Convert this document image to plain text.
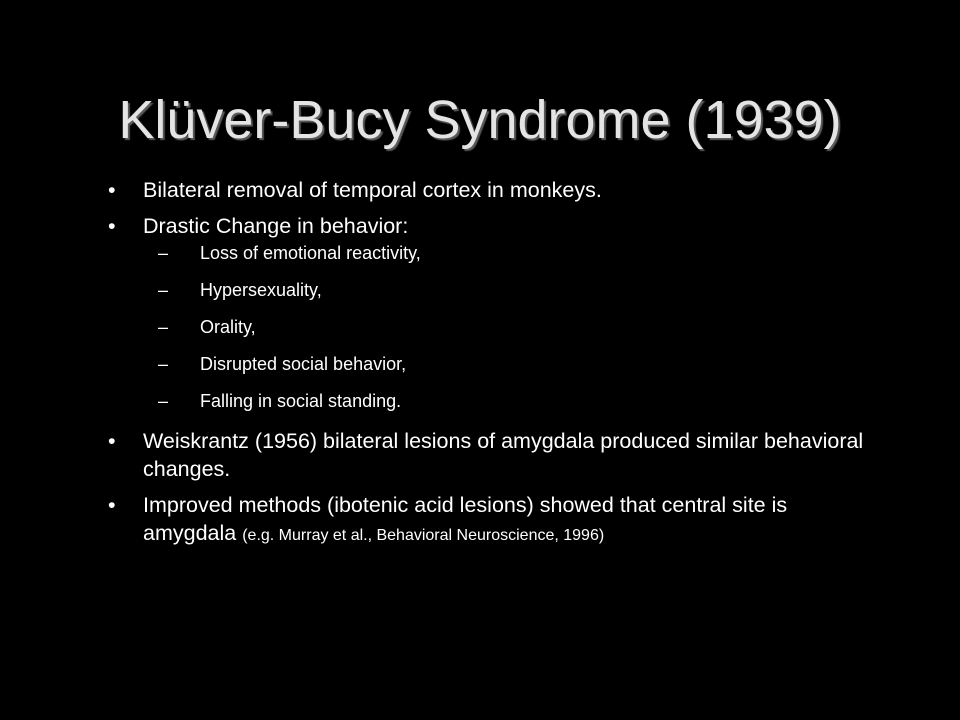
Klüver-Bucy Syndrome (1939)
• Bilateral removal of temporal cortex in monkeys.
• Drastic Change in behavior:
– Loss of emotional reactivity,
– Hypersexuality,
– Orality,
– Disrupted social behavior,
– Falling in social standing.
• Weiskrantz (1956) bilateral lesions of amygdala produced similar behavioral changes.
• Improved methods (ibotenic acid lesions) showed that central site is amygdala (e.g. Murray et al., Behavioral Neuroscience, 1996)
